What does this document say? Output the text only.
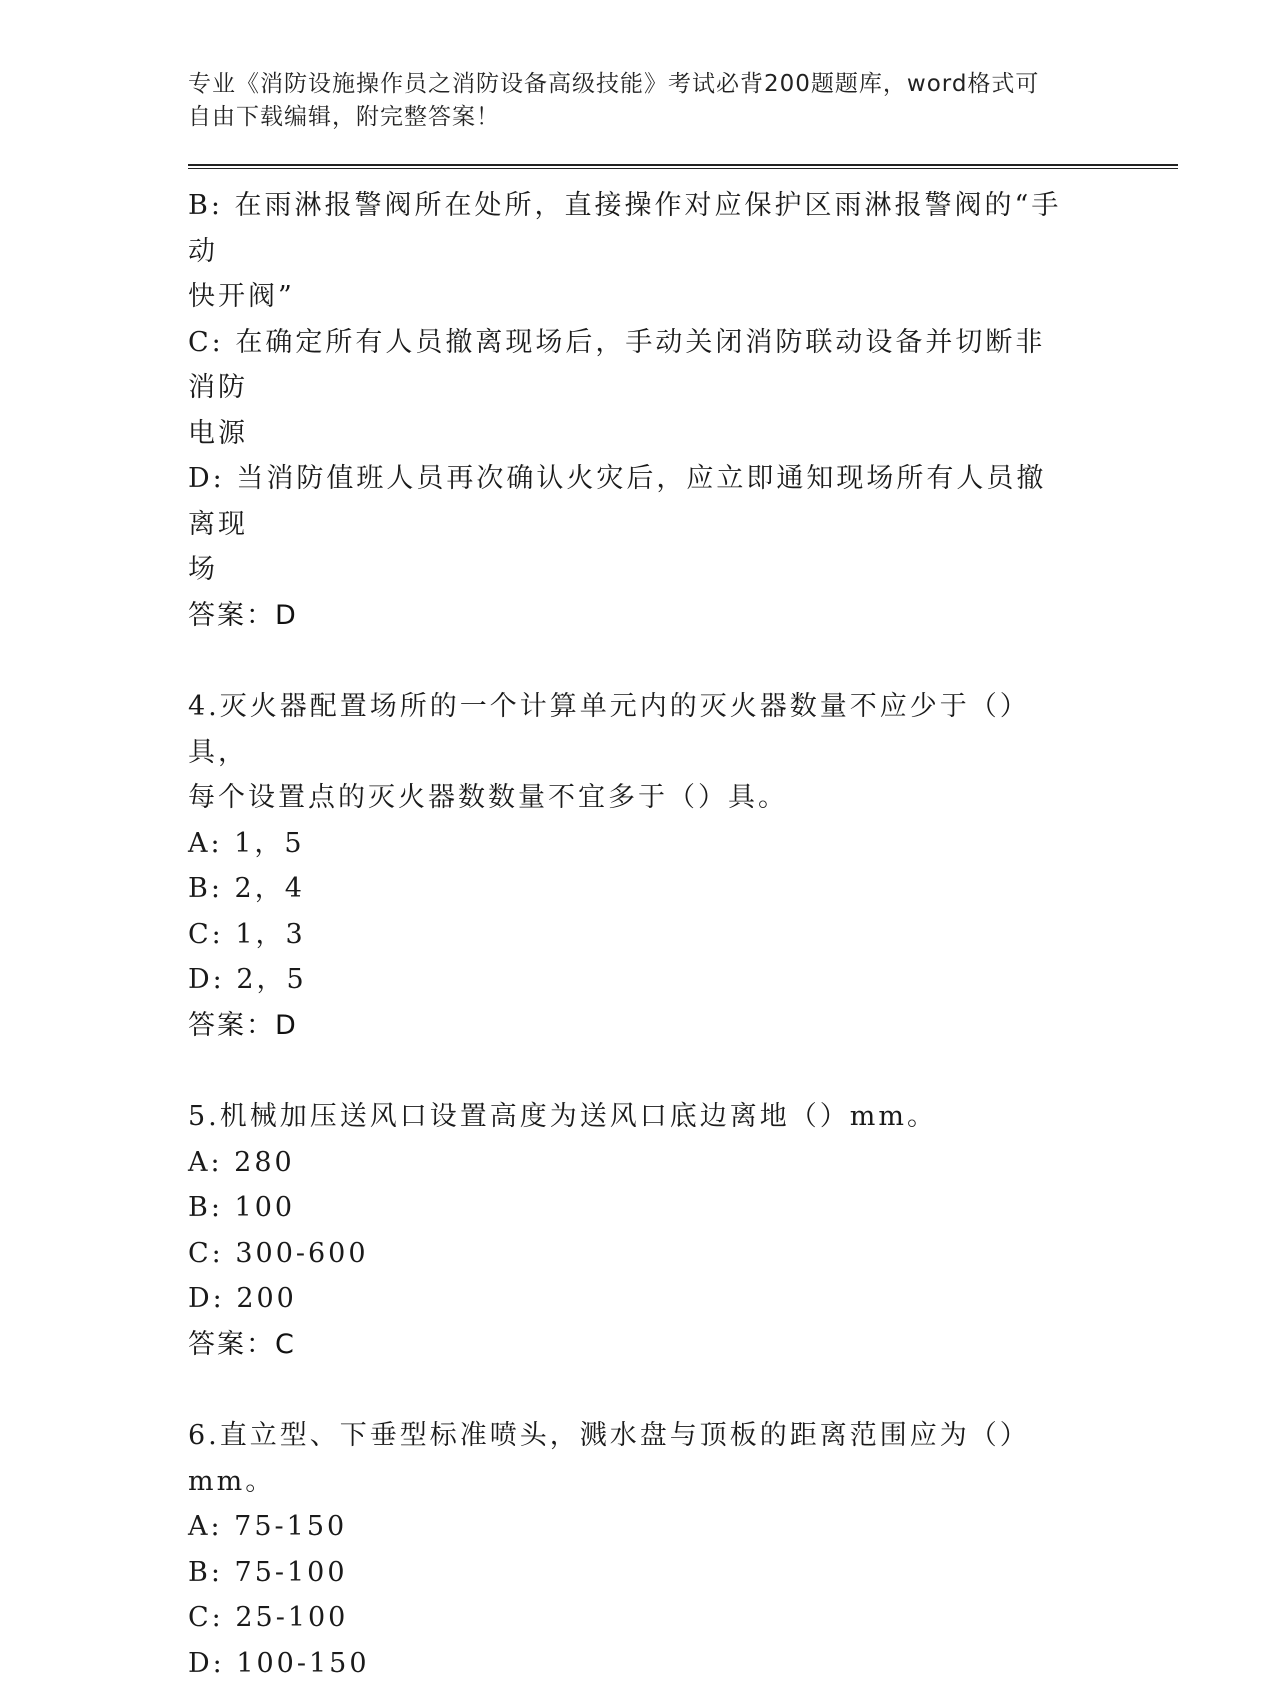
专业《消防设施操作员之消防设备高级技能》考试必背200题题库，word格式可
自由下载编辑，附完整答案！
B: 在雨淋报警阀所在处所，直接操作对应保护区雨淋报警阀的“手动
快开阀”
C: 在确定所有人员撤离现场后，手动关闭消防联动设备并切断非消防
电源
D: 当消防值班人员再次确认火灾后，应立即通知现场所有人员撤离现
场
答案：D
4.灭火器配置场所的一个计算单元内的灭火器数量不应少于（）具，
每个设置点的灭火器数数量不宜多于（）具。
A: 1，5
B: 2，4
C: 1，3
D: 2，5
答案：D
5.机械加压送风口设置高度为送风口底边离地（）mm。
A: 280
B: 100
C: 300-600
D: 200
答案：C
6.直立型、下垂型标准喷头，溅水盘与顶板的距离范围应为（）mm。
A: 75-150
B: 75-100
C: 25-100
D: 100-150
